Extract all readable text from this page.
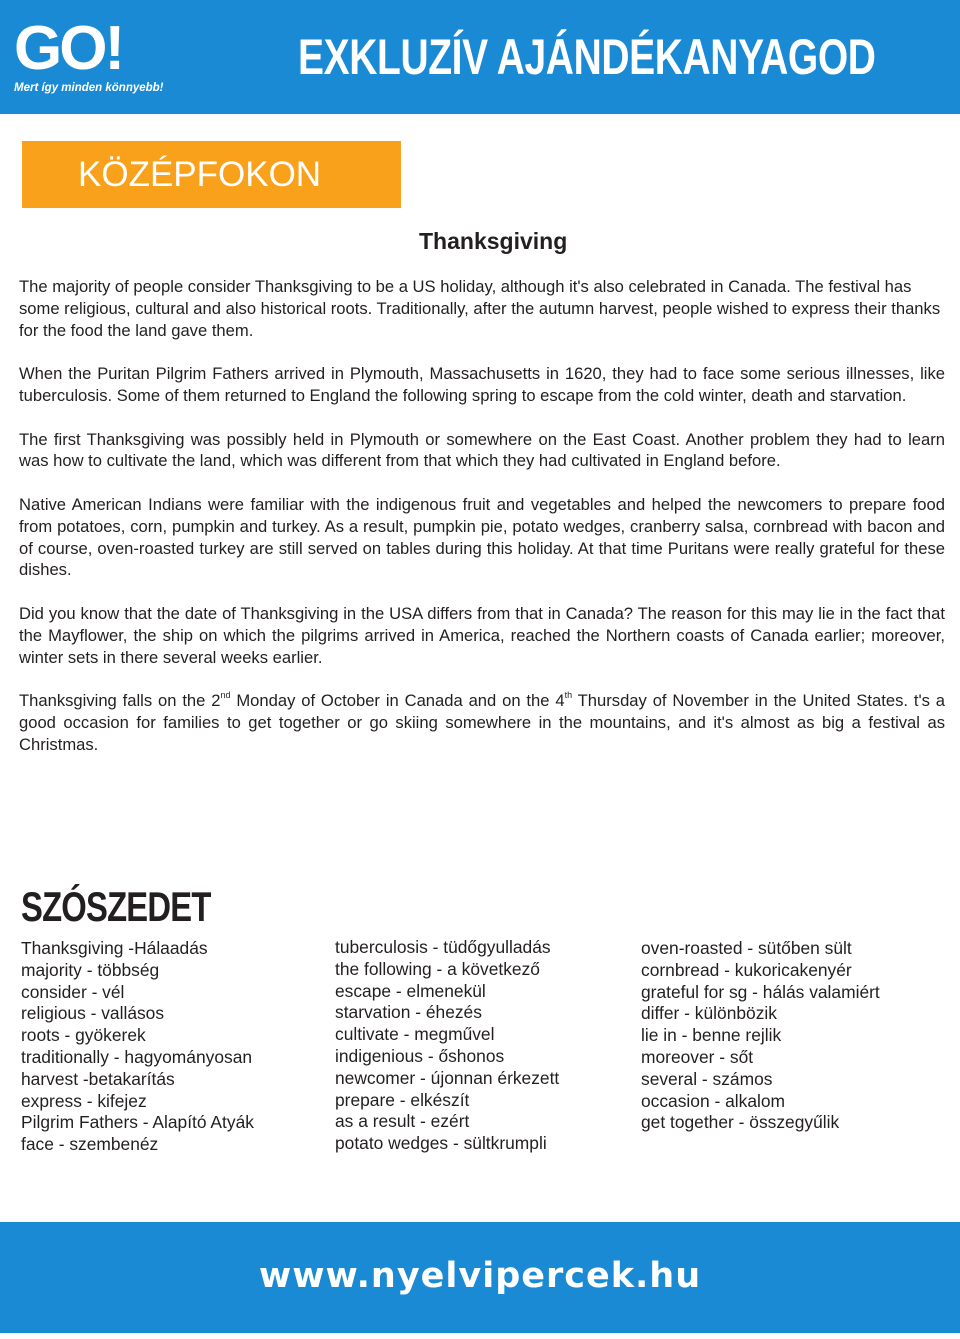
GO!
Mert így minden könnyebb!
EXKLUZÍV AJÁNDÉKANYAGOD
KÖZÉPFOKON
Thanksgiving

The majority of people consider Thanksgiving to be a US holiday, although it's also celebrated in Canada. The festival has some religious, cultural and also historical roots. Traditionally, after the autumn harvest, people wished to express their thanks for the food the land gave them.

When the Puritan Pilgrim Fathers arrived in Plymouth, Massachusetts in 1620, they had to face some serious illnesses, like tuberculosis. Some of them returned to England the following spring to escape from the cold winter, death and starvation.

The first Thanksgiving was possibly held in Plymouth or somewhere on the East Coast. Another problem they had to learn was how to cultivate the land, which was different from that which they had cultivated in England before.

Native American Indians were familiar with the indigenous fruit and vegetables and helped the newcomers to prepare food from potatoes, corn, pumpkin and turkey. As a result, pumpkin pie, potato wedges, cranberry salsa, cornbread with bacon and of course, oven-roasted turkey are still served on tables during this holiday. At that time Puritans were really grateful for these dishes.

Did you know that the date of Thanksgiving in the USA differs from that in Canada? The reason for this may lie in the fact that the Mayflower, the ship on which the pilgrims arrived in America, reached the Northern coasts of Canada earlier; moreover, winter sets in there several weeks earlier.

Thanksgiving falls on the 2nd Monday of October in Canada and on the 4th Thursday of November in the United States. t's a good occasion for families to get together or go skiing somewhere in the mountains, and it's almost as big a festival as Christmas.

SZÓSZEDET
Thanksgiving -Hálaadás
majority - többség
consider - vél
religious - vallásos
roots - gyökerek
traditionally - hagyományosan
harvest -betakarítás
express - kifejez
Pilgrim Fathers - Alapító Atyák
face - szembenéz
tuberculosis - tüdőgyulladás
the following - a következő
escape - elmenekül
starvation - éhezés
cultivate - megművel
indigenious - őshonos
newcomer - újonnan érkezett
prepare - elkészít
as a result - ezért
potato wedges - sültkrumpli
oven-roasted - sütőben sült
cornbread - kukoricakenyér
grateful for sg - hálás valamiért
differ - különbözik
lie in - benne rejlik
moreover - sőt
several - számos
occasion - alkalom
get together - összegyűlik
www.nyelvipercek.hu
